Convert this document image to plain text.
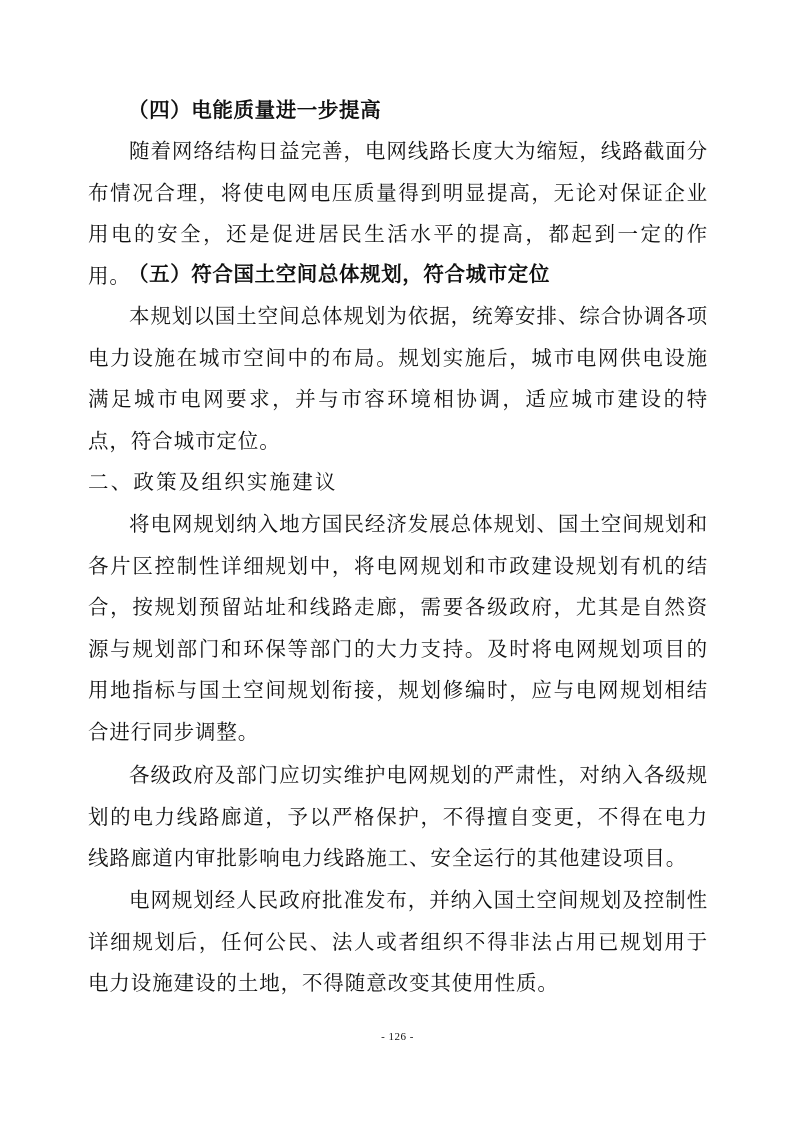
（四）电能质量进一步提高

随着网络结构日益完善，电网线路长度大为缩短，线路截面分布情况合理，将使电网电压质量得到明显提高，无论对保证企业用电的安全，还是促进居民生活水平的提高，都起到一定的作用。

（五）符合国土空间总体规划，符合城市定位

本规划以国土空间总体规划为依据，统筹安排、综合协调各项电力设施在城市空间中的布局。规划实施后，城市电网供电设施满足城市电网要求，并与市容环境相协调，适应城市建设的特点，符合城市定位。

二、政策及组织实施建议

将电网规划纳入地方国民经济发展总体规划、国土空间规划和各片区控制性详细规划中，将电网规划和市政建设规划有机的结合，按规划预留站址和线路走廊，需要各级政府，尤其是自然资源与规划部门和环保等部门的大力支持。及时将电网规划项目的用地指标与国土空间规划衔接，规划修编时，应与电网规划相结合进行同步调整。

各级政府及部门应切实维护电网规划的严肃性，对纳入各级规划的电力线路廊道，予以严格保护，不得擅自变更，不得在电力线路廊道内审批影响电力线路施工、安全运行的其他建设项目。

电网规划经人民政府批准发布，并纳入国土空间规划及控制性详细规划后，任何公民、法人或者组织不得非法占用已规划用于电力设施建设的土地，不得随意改变其使用性质。

- 126 -
